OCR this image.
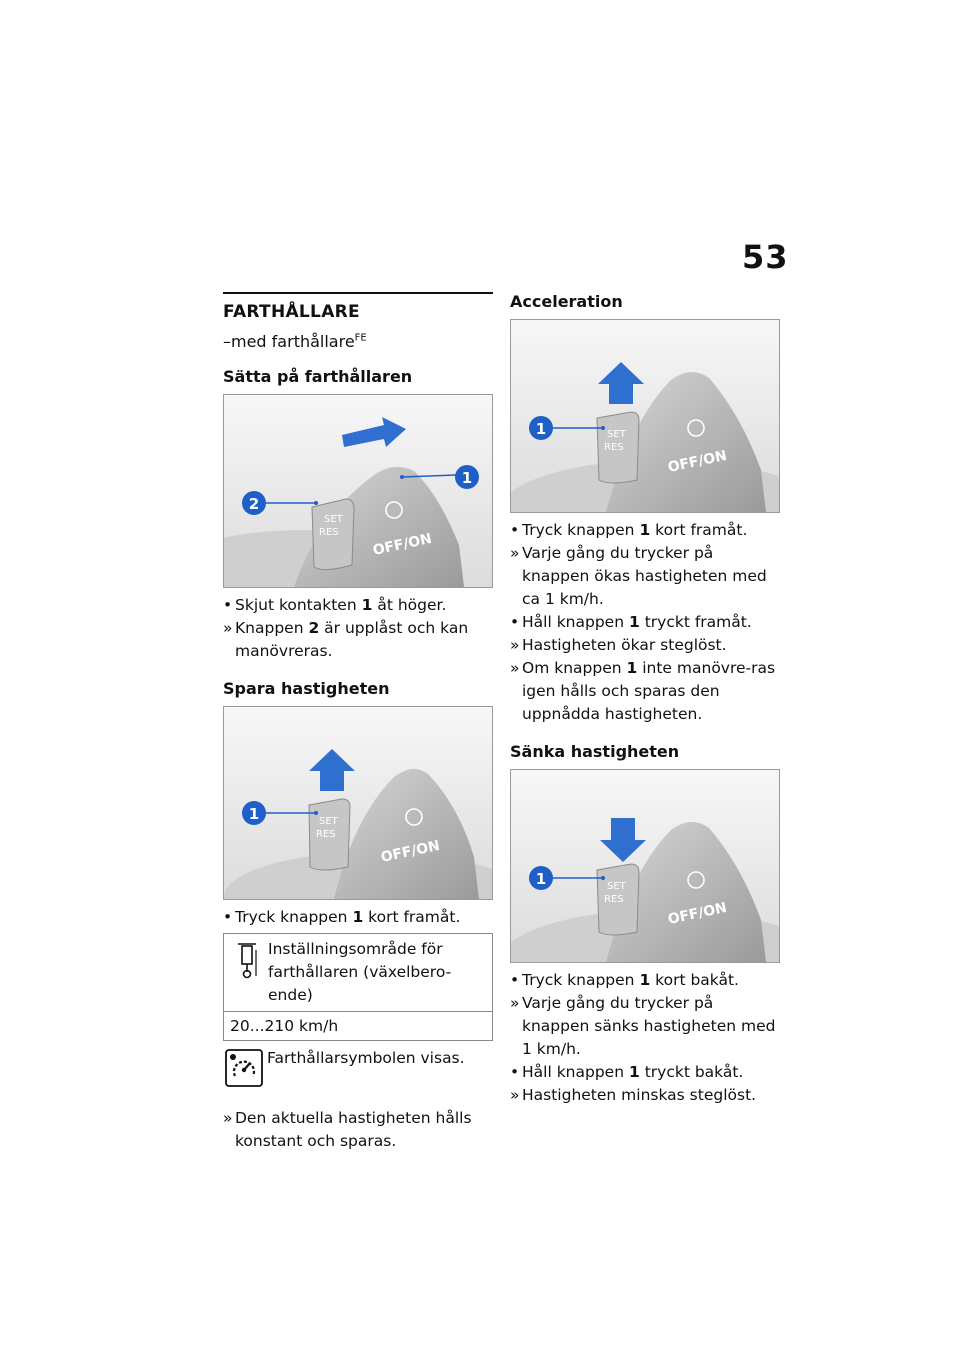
53
FARTHÅLLARE
–med farthållare$^{FE}$
Sätta på farthållaren
SET
RES OFF/ON
1
2
• Skjut kontakten 1 åt höger.
» Knappen 2 är upplåst och kan manövreras.
Spara hastigheten
SET
RES
OFF/ON
1
• Tryck knappen 1 kort framåt.
Inställningsområde för farthållaren (växelbero-ende)
20...210 km/h
Farthållarsymbolen visas.
» Den aktuella hastigheten hålls konstant och sparas.
Acceleration
SET
RES
OFF/ON
1
• Tryck knappen 1 kort framåt.
» Varje gång du trycker på knappen ökas hastigheten med ca 1 km/h.
• Håll knappen 1 tryckt framåt.
» Hastigheten ökar steglöst.
» Om knappen 1 inte manövre-ras igen hålls och sparas den uppnådda hastigheten.
Sänka hastigheten
SET
RES
OFF/ON
1
• Tryck knappen 1 kort bakåt.
» Varje gång du trycker på knappen sänks hastigheten med 1 km/h.
• Håll knappen 1 tryckt bakåt.
» Hastigheten minskas steglöst.
